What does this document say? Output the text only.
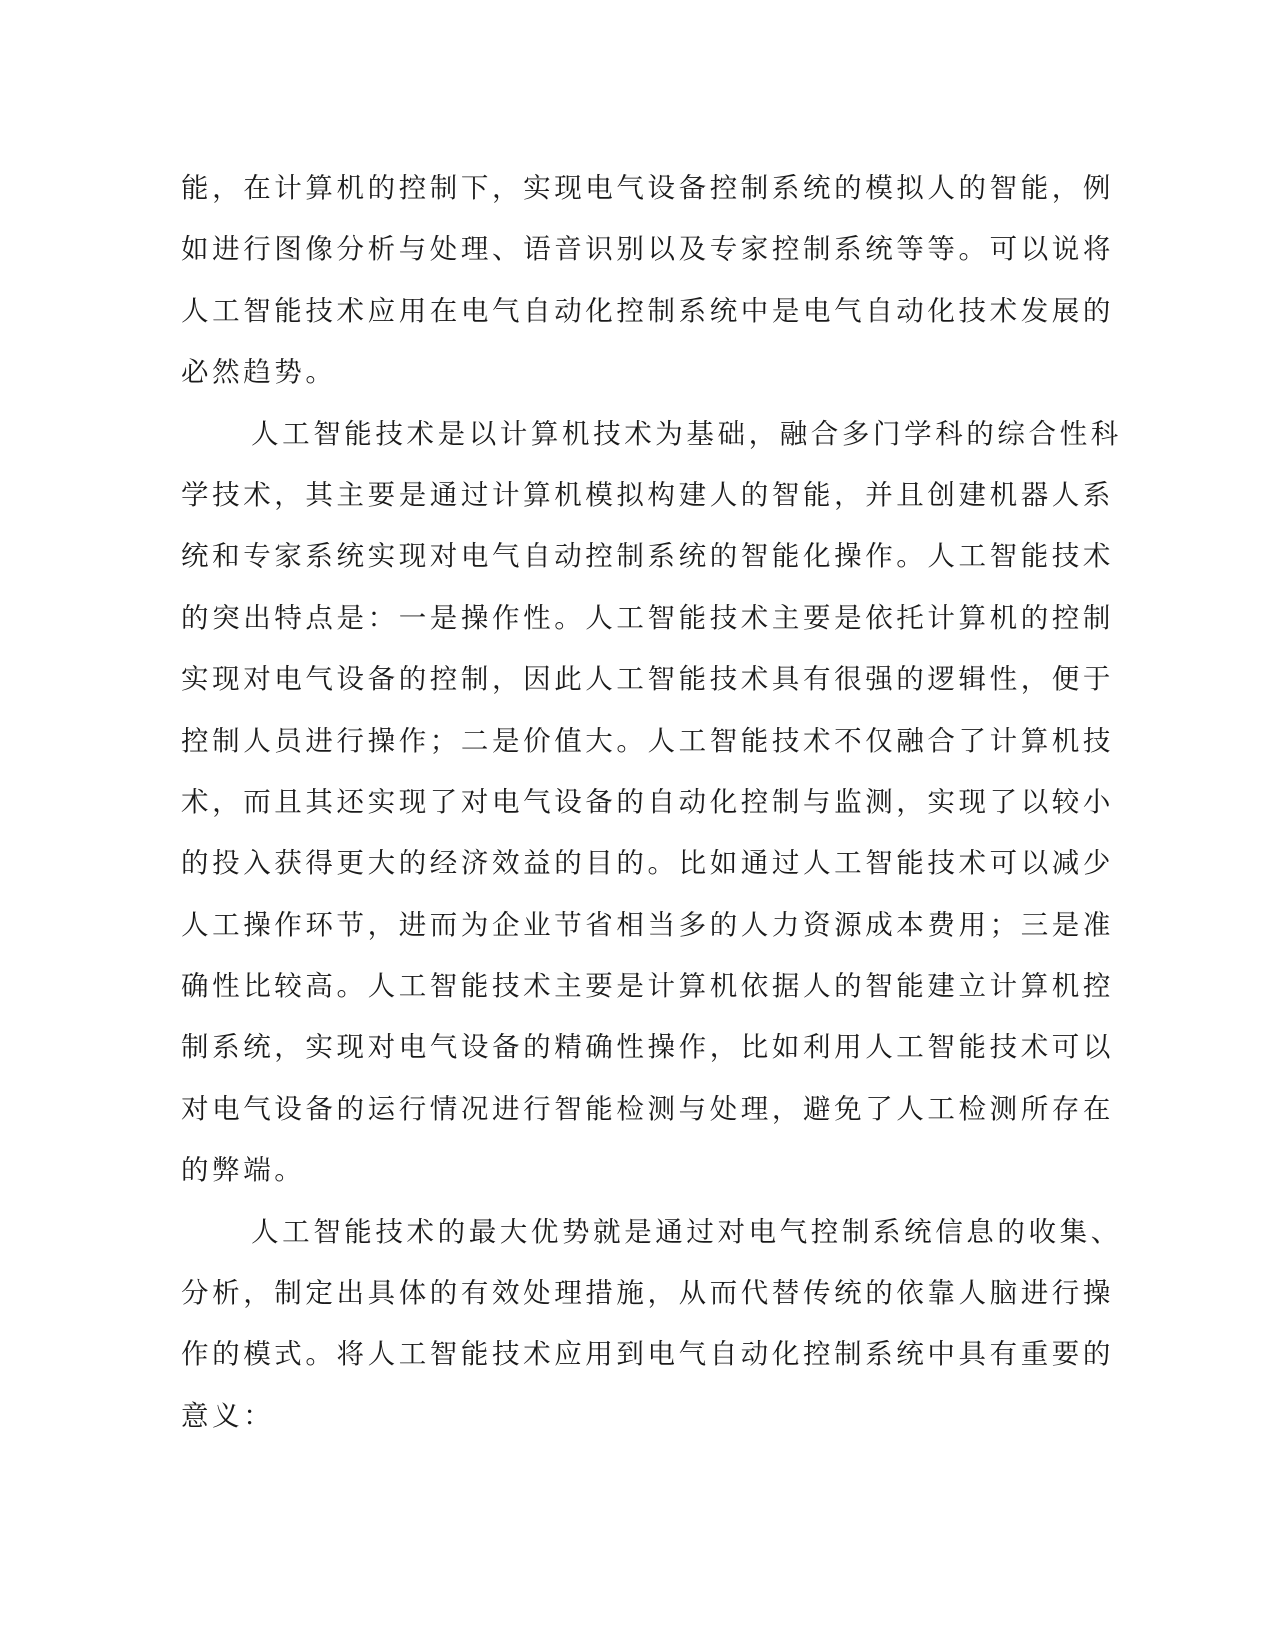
能，在计算机的控制下，实现电气设备控制系统的模拟人的智能，例
如进行图像分析与处理、语音识别以及专家控制系统等等。可以说将
人工智能技术应用在电气自动化控制系统中是电气自动化技术发展的
必然趋势。
人工智能技术是以计算机技术为基础，融合多门学科的综合性科
学技术，其主要是通过计算机模拟构建人的智能，并且创建机器人系
统和专家系统实现对电气自动控制系统的智能化操作。人工智能技术
的突出特点是：一是操作性。人工智能技术主要是依托计算机的控制
实现对电气设备的控制，因此人工智能技术具有很强的逻辑性，便于
控制人员进行操作；二是价值大。人工智能技术不仅融合了计算机技
术，而且其还实现了对电气设备的自动化控制与监测，实现了以较小
的投入获得更大的经济效益的目的。比如通过人工智能技术可以减少
人工操作环节，进而为企业节省相当多的人力资源成本费用；三是准
确性比较高。人工智能技术主要是计算机依据人的智能建立计算机控
制系统，实现对电气设备的精确性操作，比如利用人工智能技术可以
对电气设备的运行情况进行智能检测与处理，避免了人工检测所存在
的弊端。
人工智能技术的最大优势就是通过对电气控制系统信息的收集、
分析，制定出具体的有效处理措施，从而代替传统的依靠人脑进行操
作的模式。将人工智能技术应用到电气自动化控制系统中具有重要的
意义：
